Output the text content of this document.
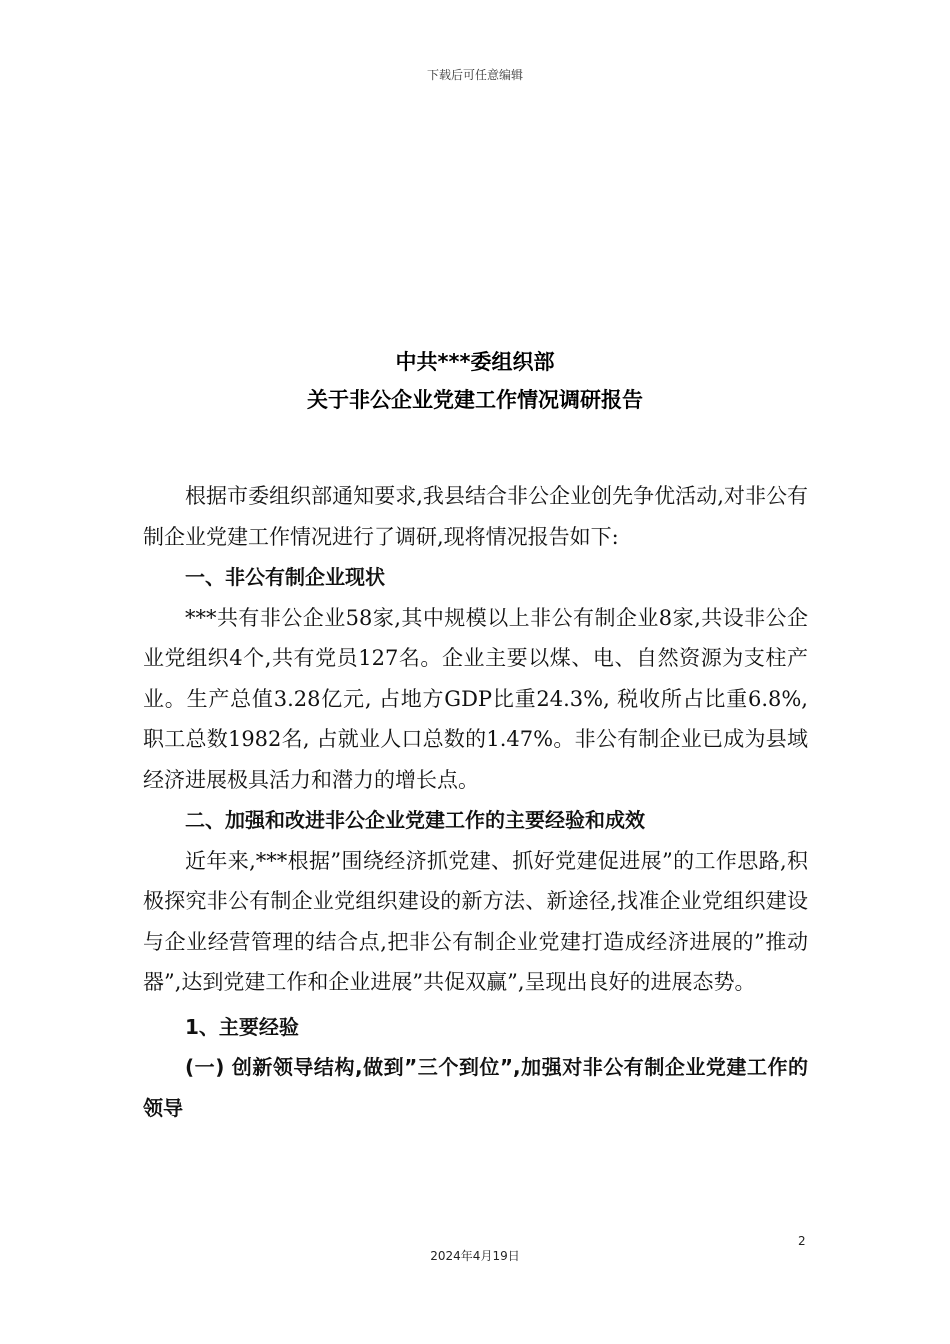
下载后可任意编辑
中共***委组织部
关于非公企业党建工作情况调研报告

根据市委组织部通知要求,我县结合非公企业创先争优活动,对非公有制企业党建工作情况进行了调研,现将情况报告如下:

一、非公有制企业现状

***共有非公企业58家,其中规模以上非公有制企业8家,共设非公企业党组织4个,共有党员127名。企业主要以煤、电、自然资源为支柱产业。生产总值3.28亿元, 占地方GDP比重24.3%, 税收所占比重6.8%, 职工总数1982名, 占就业人口总数的1.47%。非公有制企业已成为县域经济进展极具活力和潜力的增长点。

二、加强和改进非公企业党建工作的主要经验和成效

近年来,***根据”围绕经济抓党建、抓好党建促进展”的工作思路,积极探究非公有制企业党组织建设的新方法、新途径,找准企业党组织建设与企业经营管理的结合点,把非公有制企业党建打造成经济进展的”推动器”,达到党建工作和企业进展”共促双赢”,呈现出良好的进展态势。

1、主要经验

(一) 创新领导结构,做到”三个到位”,加强对非公有制企业党建工作的领导

2
2024年4月19日
